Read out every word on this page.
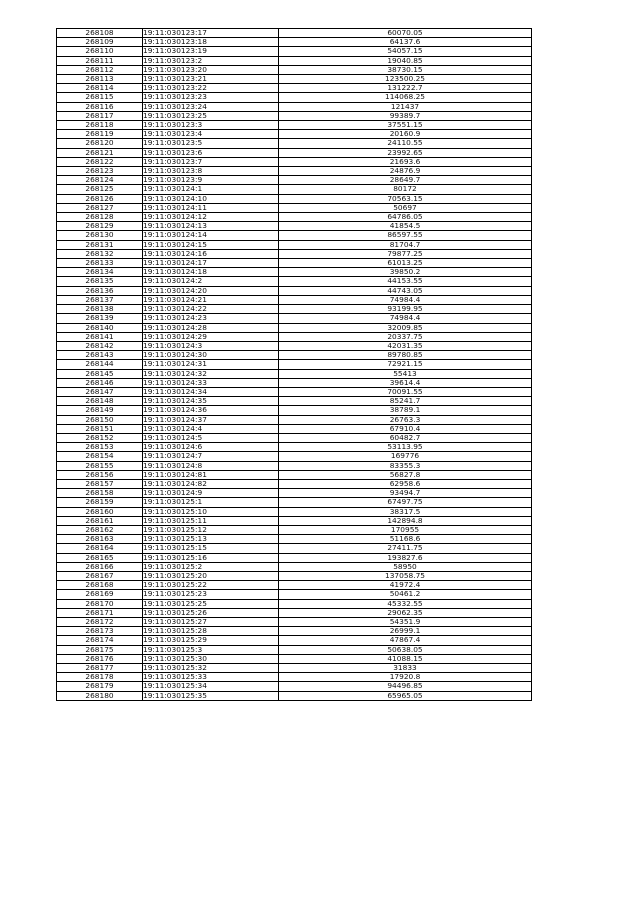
268108	19:11:030123:17	60070.05
268109	19:11:030123:18	64137.6
268110	19:11:030123:19	54057.15
268111	19:11:030123:2	19040.85
268112	19:11:030123:20	38730.15
268113	19:11:030123:21	123500.25
268114	19:11:030123:22	131222.7
268115	19:11:030123:23	114068.25
268116	19:11:030123:24	121437
268117	19:11:030123:25	99389.7
268118	19:11:030123:3	37551.15
268119	19:11:030123:4	20160.9
268120	19:11:030123:5	24110.55
268121	19:11:030123:6	23992.65
268122	19:11:030123:7	21693.6
268123	19:11:030123:8	24876.9
268124	19:11:030123:9	28649.7
268125	19:11:030124:1	80172
268126	19:11:030124:10	70563.15
268127	19:11:030124:11	50697
268128	19:11:030124:12	64786.05
268129	19:11:030124:13	41854.5
268130	19:11:030124:14	86597.55
268131	19:11:030124:15	81704.7
268132	19:11:030124:16	79877.25
268133	19:11:030124:17	61013.25
268134	19:11:030124:18	39850.2
268135	19:11:030124:2	44153.55
268136	19:11:030124:20	44743.05
268137	19:11:030124:21	74984.4
268138	19:11:030124:22	93199.95
268139	19:11:030124:23	74984.4
268140	19:11:030124:28	32009.85
268141	19:11:030124:29	20337.75
268142	19:11:030124:3	42031.35
268143	19:11:030124:30	89780.85
268144	19:11:030124:31	72921.15
268145	19:11:030124:32	55413
268146	19:11:030124:33	39614.4
268147	19:11:030124:34	70091.55
268148	19:11:030124:35	85241.7
268149	19:11:030124:36	38789.1
268150	19:11:030124:37	26763.3
268151	19:11:030124:4	67910.4
268152	19:11:030124:5	60482.7
268153	19:11:030124:6	53113.95
268154	19:11:030124:7	169776
268155	19:11:030124:8	83355.3
268156	19:11:030124:81	56827.8
268157	19:11:030124:82	62958.6
268158	19:11:030124:9	93494.7
268159	19:11:030125:1	67497.75
268160	19:11:030125:10	38317.5
268161	19:11:030125:11	142894.8
268162	19:11:030125:12	170955
268163	19:11:030125:13	51168.6
268164	19:11:030125:15	27411.75
268165	19:11:030125:16	193827.6
268166	19:11:030125:2	58950
268167	19:11:030125:20	137058.75
268168	19:11:030125:22	41972.4
268169	19:11:030125:23	50461.2
268170	19:11:030125:25	45332.55
268171	19:11:030125:26	29062.35
268172	19:11:030125:27	54351.9
268173	19:11:030125:28	26999.1
268174	19:11:030125:29	47867.4
268175	19:11:030125:3	50638.05
268176	19:11:030125:30	41088.15
268177	19:11:030125:32	31833
268178	19:11:030125:33	17920.8
268179	19:11:030125:34	94496.85
268180	19:11:030125:35	65965.05
